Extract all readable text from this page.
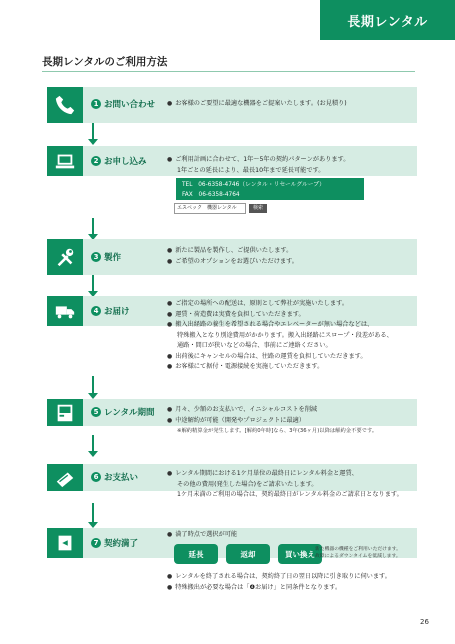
長期レンタル
長期レンタルのご利用方法
1 お問い合わせ	● お客様のご要望に最適な機器をご提案いたします。(お見積り)
2 お申し込み	● ご利用計画に合わせて、1年～5年の契約パターンがあります。
1年ごとの延長により、最長10年まで延長可能です。
TEL　06-6358-4746（レンタル・リセールグループ）
FAX　06-6358-4764
エスペック　機器レンタル	検索
3 製作
● 新たに製品を製作し、ご提供いたします。
● ご希望のオプションをお選びいただけます。
4 お届け
● ご指定の場所への配送は、原則として弊社が実施いたします。
● 運賃・荷造費は実費を負担していただきます。
● 搬入出経路の養生を希望される場合やエレベーターが無い場合などは、
特殊搬入となり別途費用がかかります。搬入出経路にスロープ・段差がある、
通路・間口が狭いなどの場合、事前にご連絡ください。
● 出荷後にキャンセルの場合は、往路の運賃を負担していただきます。
● お客様にて据付・電源接続を実施していただきます。
5 レンタル期間	● 月々、少額のお支払いで、イニシャルコストを削減
● 中途解約が可能（開発やプロジェクトに最適）
※解約精算金が発生します。[解約0年時]なら、3年(36ヶ月)以降は解約金不要です。
6 お支払い	● レンタル期間における1ケ月単位の最終日にレンタル料金と運賃、
その他の費用(発生した場合)をご請求いたします。
1ケ月未満のご利用の場合は、契約最終日がレンタル料金のご請求日となります。
7 契約満了
● 満了時点で選択が可能
● レンタルを終了される場合は、契約終了日の翌日以降に引き取りに伺います。
● 特殊搬出が必要な場合は「❹お届け」と同条件となります。
延長	返却	買い換え 新た機器の機種をご利用いただけます。
故障によるダウンタイムを低減します。
26
